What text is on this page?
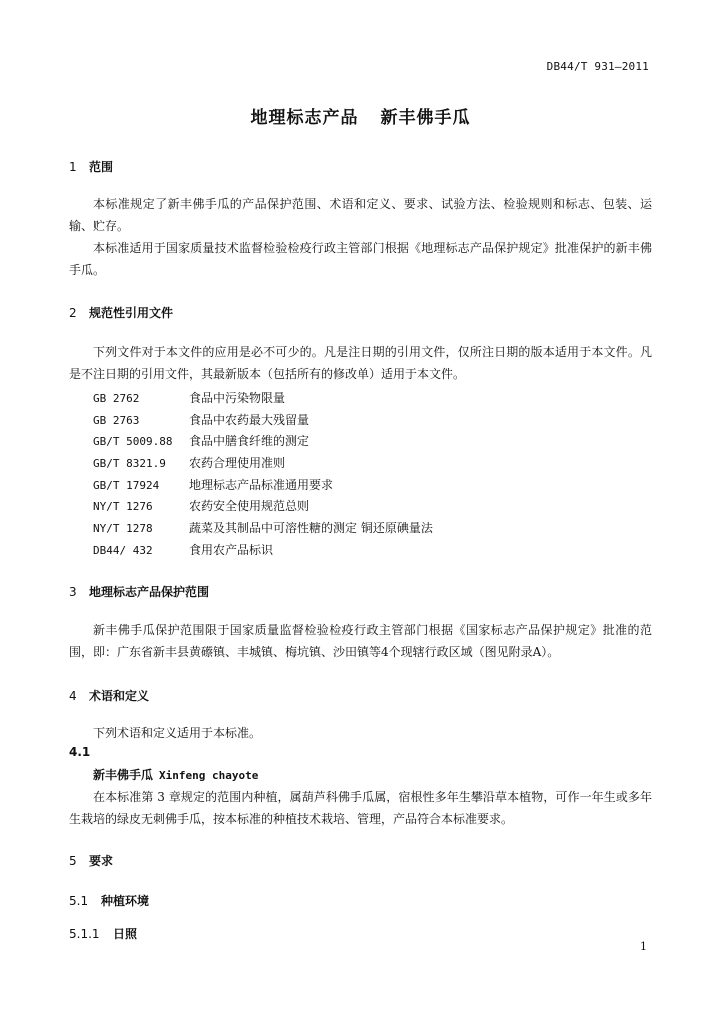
DB44/T 931—2011
地理标志产品 新丰佛手瓜
1 范围
本标准规定了新丰佛手瓜的产品保护范围、术语和定义、要求、试验方法、检验规则和标志、包装、运输、贮存。
本标准适用于国家质量技术监督检验检疫行政主管部门根据《地理标志产品保护规定》批准保护的新丰佛手瓜。
2 规范性引用文件
下列文件对于本文件的应用是必不可少的。凡是注日期的引用文件，仅所注日期的版本适用于本文件。凡是不注日期的引用文件，其最新版本（包括所有的修改单）适用于本文件。
GB 2762	食品中污染物限量
GB 2763	食品中农药最大残留量
GB/T 5009.88 食品中膳食纤维的测定
GB/T 8321.9 农药合理使用准则
GB/T 17924 地理标志产品标准通用要求
NY/T 1276	农药安全使用规范总则
NY/T 1278	蔬菜及其制品中可溶性糖的测定 铜还原碘量法
DB44/ 432	食用农产品标识
3 地理标志产品保护范围
新丰佛手瓜保护范围限于国家质量监督检验检疫行政主管部门根据《国家标志产品保护规定》批准的范围，即：广东省新丰县黄礤镇、丰城镇、梅坑镇、沙田镇等4个现辖行政区域（图见附录A）。
4 术语和定义
下列术语和定义适用于本标准。
4.1
新丰佛手瓜 Xinfeng chayote
在本标准第 3 章规定的范围内种植，属葫芦科佛手瓜属，宿根性多年生攀沿草本植物，可作一年生或多年生栽培的绿皮无刺佛手瓜，按本标准的种植技术栽培、管理，产品符合本标准要求。
5 要求
5.1 种植环境
5.1.1 日照
1
